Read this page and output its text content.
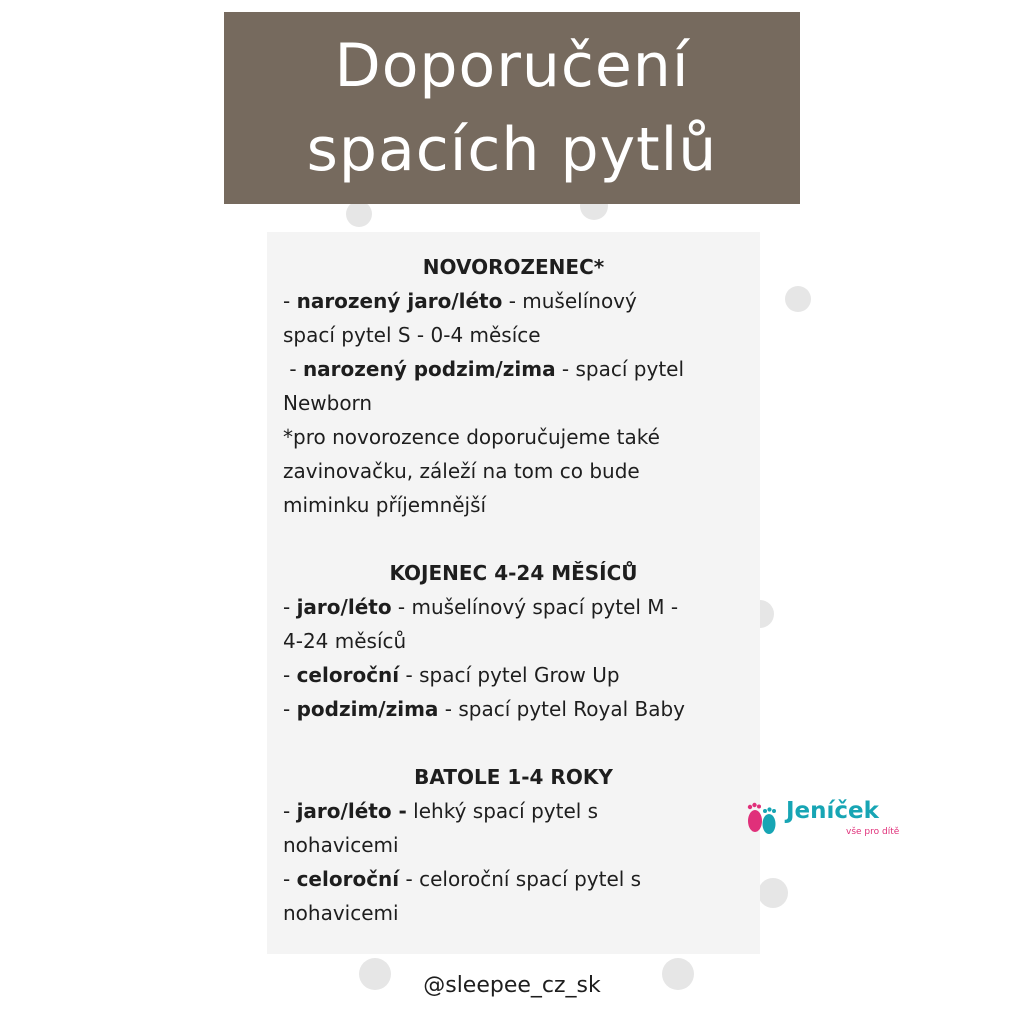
Doporučení
spacích pytlů
NOVOROZENEC*
- narozený jaro/léto - mušelínový
spací pytel S - 0-4 měsíce
- narozený podzim/zima - spací pytel
Newborn
*pro novorozence doporučujeme také
zavinovačku, záleží na tom co bude
miminku příjemnější
KOJENEC 4-24 MĚSÍCŮ
- jaro/léto - mušelínový spací pytel M -
4-24 měsíců
- celoroční - spací pytel Grow Up
- podzim/zima - spací pytel Royal Baby
BATOLE 1-4 ROKY
- jaro/léto - lehký spací pytel s
nohavicemi
- celoroční - celoroční spací pytel s
nohavicemi
Jeníček
vše pro dítě
@sleepee_cz_sk
